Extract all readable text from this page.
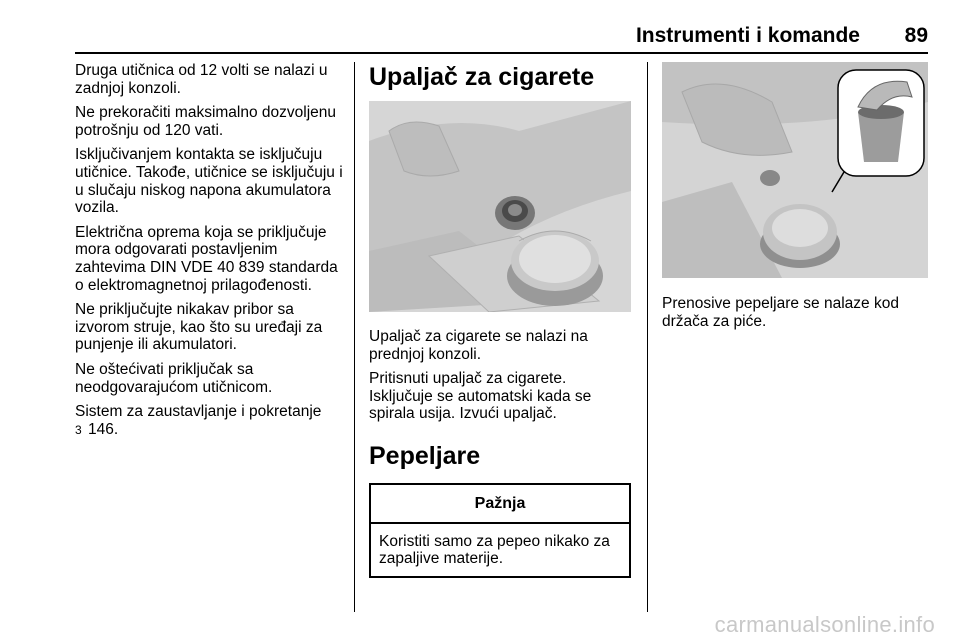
Instrumenti i komande	89

Druga utičnica od 12 volti se nalazi u zadnjoj konzoli.

Ne prekoračiti maksimalno dozvoljenu potrošnju od 120 vati.

Isključivanjem kontakta se isključuju utičnice. Takođe, utičnice se isključuju i u slučaju niskog napona akumulatora vozila.

Električna oprema koja se priključuje mora odgovarati postavljenim zahtevima DIN VDE 40 839 standarda o elektromagnetnoj prilagođenosti.

Ne priključujte nikakav pribor sa izvorom struje, kao što su uređaji za punjenje ili akumulatori.

Ne oštećivati priključak sa neodgovarajućom utičnicom.

Sistem za zaustavljanje i pokretanje
3 146.

Upaljač za cigarete

Upaljač za cigarete se nalazi na prednjoj konzoli.

Pritisnuti upaljač za cigarete. Isključuje se automatski kada se spirala usija. Izvući upaljač.

Pepeljare
Pažnja
Koristiti samo za pepeo nikako za zapaljive materije.

Prenosive pepeljare se nalaze kod držača za piće.

carmanualsonline.info
